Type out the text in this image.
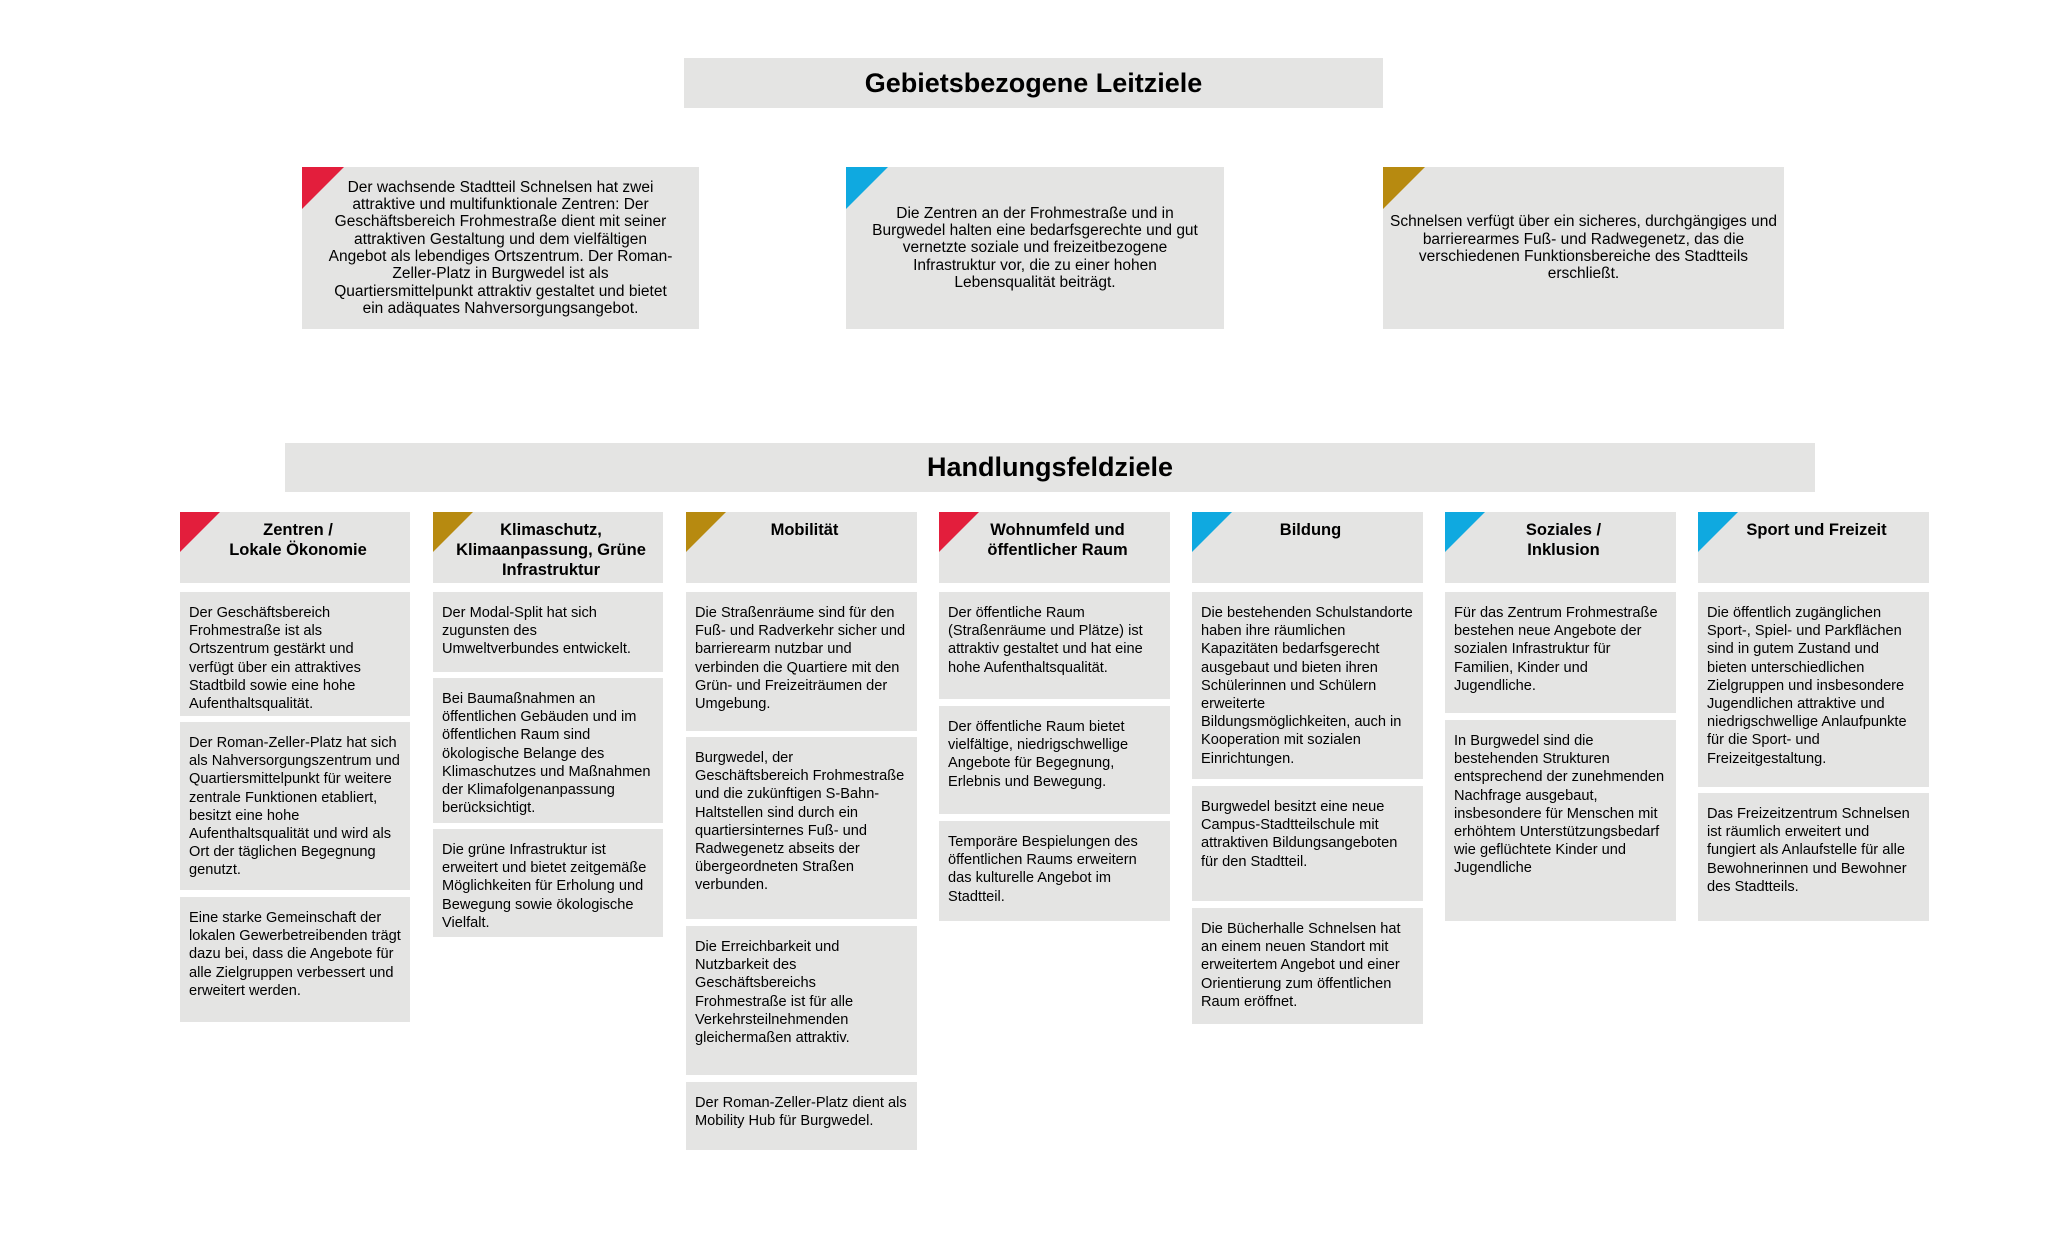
Gebietsbezogene Leitziele
Der wachsende Stadtteil Schnelsen hat zwei attraktive und multifunktionale Zentren: Der Geschäftsbereich Frohmestraße dient mit seiner attraktiven Gestaltung und dem vielfältigen Angebot als lebendiges Ortszentrum. Der Roman-Zeller-Platz in Burgwedel ist als Quartiersmittelpunkt attraktiv gestaltet und bietet ein adäquates Nahversorgungsangebot.
Die Zentren an der Frohmestraße und in Burgwedel halten eine bedarfsgerechte und gut vernetzte soziale und freizeitbezogene Infrastruktur vor, die zu einer hohen Lebensqualität beiträgt.
Schnelsen verfügt über ein sicheres, durchgängiges und barrierearmes Fuß- und Radwegenetz, das die verschiedenen Funktionsbereiche des Stadtteils erschließt.
Handlungsfeldziele
Zentren /
Lokale Ökonomie
Der Geschäftsbereich Frohmestraße ist als Ortszentrum gestärkt und verfügt über ein attraktives Stadtbild sowie eine hohe Aufenthaltsqualität.
Der Roman-Zeller-Platz hat sich als Nahversorgungszentrum und Quartiersmittelpunkt für weitere zentrale Funktionen etabliert, besitzt eine hohe Aufenthaltsqualität und wird als Ort der täglichen Begegnung genutzt.
Eine starke Gemeinschaft der lokalen Gewerbetreibenden trägt dazu bei, dass die Angebote für alle Zielgruppen verbessert und erweitert werden.
Klimaschutz,
Klimaanpassung, Grüne
Infrastruktur
Der Modal-Split hat sich zugunsten des Umweltverbundes entwickelt.
Bei Baumaßnahmen an öffentlichen Gebäuden und im öffentlichen Raum sind ökologische Belange des Klimaschutzes und Maßnahmen der Klimafolgenanpassung berücksichtigt.
Die grüne Infrastruktur ist erweitert und bietet zeitgemäße Möglichkeiten für Erholung und Bewegung sowie ökologische Vielfalt.
Mobilität
Die Straßenräume sind für den Fuß- und Radverkehr sicher und barrierearm nutzbar und verbinden die Quartiere mit den Grün- und Freizeiträumen der Umgebung.
Burgwedel, der Geschäftsbereich Frohmestraße und die zukünftigen S-Bahn-Haltstellen sind durch ein quartiersinternes Fuß- und Radwegenetz abseits der übergeordneten Straßen verbunden.
Die Erreichbarkeit und Nutzbarkeit des Geschäftsbereichs Frohmestraße ist für alle Verkehrsteilnehmenden gleichermaßen attraktiv.
Der Roman-Zeller-Platz dient als Mobility Hub für Burgwedel.
Wohnumfeld und
öffentlicher Raum
Der öffentliche Raum (Straßenräume und Plätze) ist attraktiv gestaltet und hat eine hohe Aufenthaltsqualität.
Der öffentliche Raum bietet vielfältige, niedrigschwellige Angebote für Begegnung, Erlebnis und Bewegung.
Temporäre Bespielungen des öffentlichen Raums erweitern das kulturelle Angebot im Stadtteil.
Bildung
Die bestehenden Schulstandorte haben ihre räumlichen Kapazitäten bedarfsgerecht ausgebaut und bieten ihren Schülerinnen und Schülern erweiterte Bildungsmöglichkeiten, auch in Kooperation mit sozialen Einrichtungen.
Burgwedel besitzt eine neue Campus-Stadtteilschule mit attraktiven Bildungsangeboten für den Stadtteil.
Die Bücherhalle Schnelsen hat an einem neuen Standort mit erweitertem Angebot und einer Orientierung zum öffentlichen Raum eröffnet.
Soziales /
Inklusion
Für das Zentrum Frohmestraße bestehen neue Angebote der sozialen Infrastruktur für Familien, Kinder und Jugendliche.
In Burgwedel sind die bestehenden Strukturen entsprechend der zunehmenden Nachfrage ausgebaut, insbesondere für Menschen mit erhöhtem Unterstützungsbedarf wie geflüchtete Kinder und Jugendliche
Sport und Freizeit
Die öffentlich zugänglichen Sport-, Spiel- und Parkflächen sind in gutem Zustand und bieten unterschiedlichen Zielgruppen und insbesondere Jugendlichen attraktive und niedrigschwellige Anlaufpunkte für die Sport- und Freizeitgestaltung.
Das Freizeitzentrum Schnelsen ist räumlich erweitert und fungiert als Anlaufstelle für alle Bewohnerinnen und Bewohner des Stadtteils.
